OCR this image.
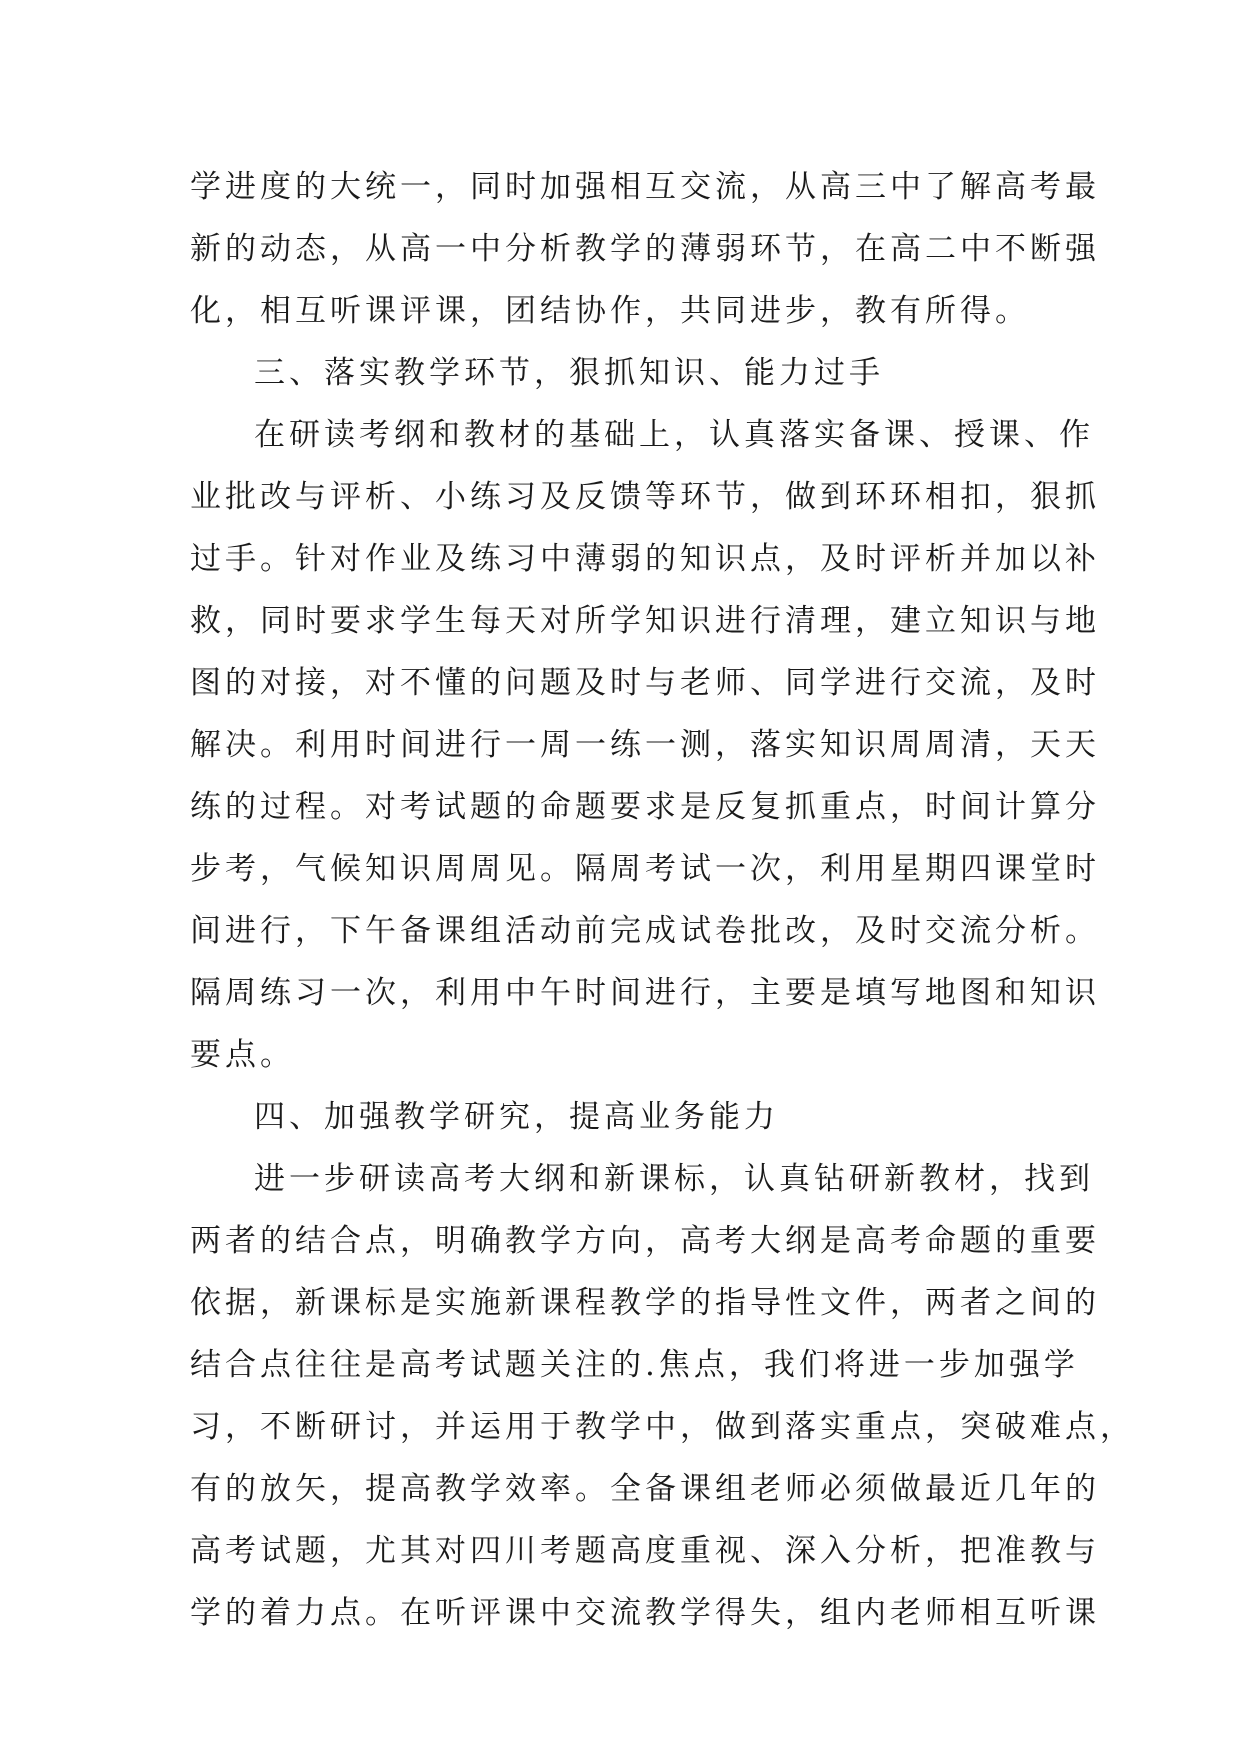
学进度的大统一，同时加强相互交流，从高三中了解高考最
新的动态，从高一中分析教学的薄弱环节，在高二中不断强
化，相互听课评课，团结协作，共同进步，教有所得。
三、落实教学环节，狠抓知识、能力过手
在研读考纲和教材的基础上，认真落实备课、授课、作
业批改与评析、小练习及反馈等环节，做到环环相扣，狠抓
过手。针对作业及练习中薄弱的知识点，及时评析并加以补
救，同时要求学生每天对所学知识进行清理，建立知识与地
图的对接，对不懂的问题及时与老师、同学进行交流，及时
解决。利用时间进行一周一练一测，落实知识周周清，天天
练的过程。对考试题的命题要求是反复抓重点，时间计算分
步考，气候知识周周见。隔周考试一次，利用星期四课堂时
间进行，下午备课组活动前完成试卷批改，及时交流分析。
隔周练习一次，利用中午时间进行，主要是填写地图和知识
要点。
四、加强教学研究，提高业务能力
进一步研读高考大纲和新课标，认真钻研新教材，找到
两者的结合点，明确教学方向，高考大纲是高考命题的重要
依据，新课标是实施新课程教学的指导性文件，两者之间的
结合点往往是高考试题关注的.焦点，我们将进一步加强学
习，不断研讨，并运用于教学中，做到落实重点，突破难点，
有的放矢，提高教学效率。全备课组老师必须做最近几年的
高考试题，尤其对四川考题高度重视、深入分析，把准教与
学的着力点。在听评课中交流教学得失，组内老师相互听课
